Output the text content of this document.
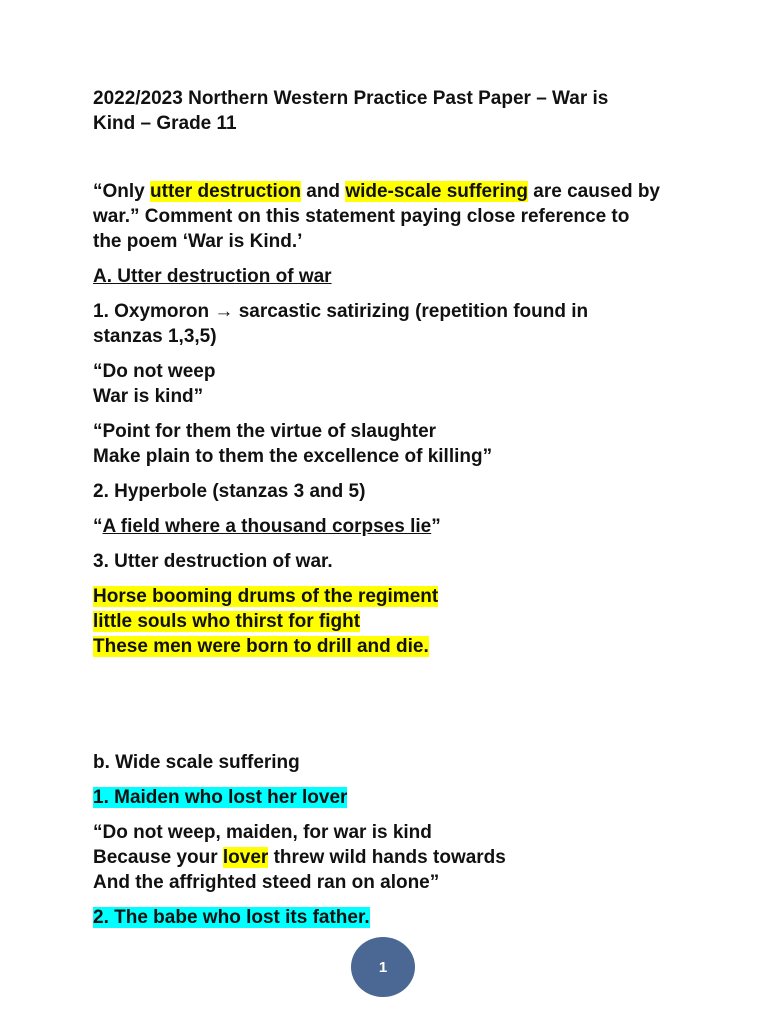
2022/2023 Northern Western Practice Past Paper – War is
Kind – Grade 11
“Only utter destruction and wide-scale suffering are caused by
war.” Comment on this statement paying close reference to
the poem ‘War is Kind.’
A. Utter destruction of war
1. Oxymoron → sarcastic satirizing (repetition found in
stanzas 1,3,5)
“Do not weep
War is kind”
“Point for them the virtue of slaughter
Make plain to them the excellence of killing”
2. Hyperbole (stanzas 3 and 5)
“A field where a thousand corpses lie”
3. Utter destruction of war.
Horse booming drums of the regiment
little souls who thirst for fight
These men were born to drill and die.
b. Wide scale suffering
1. Maiden who lost her lover
“Do not weep, maiden, for war is kind
Because your lover threw wild hands towards
And the affrighted steed ran on alone”
2. The babe who lost its father.
1
